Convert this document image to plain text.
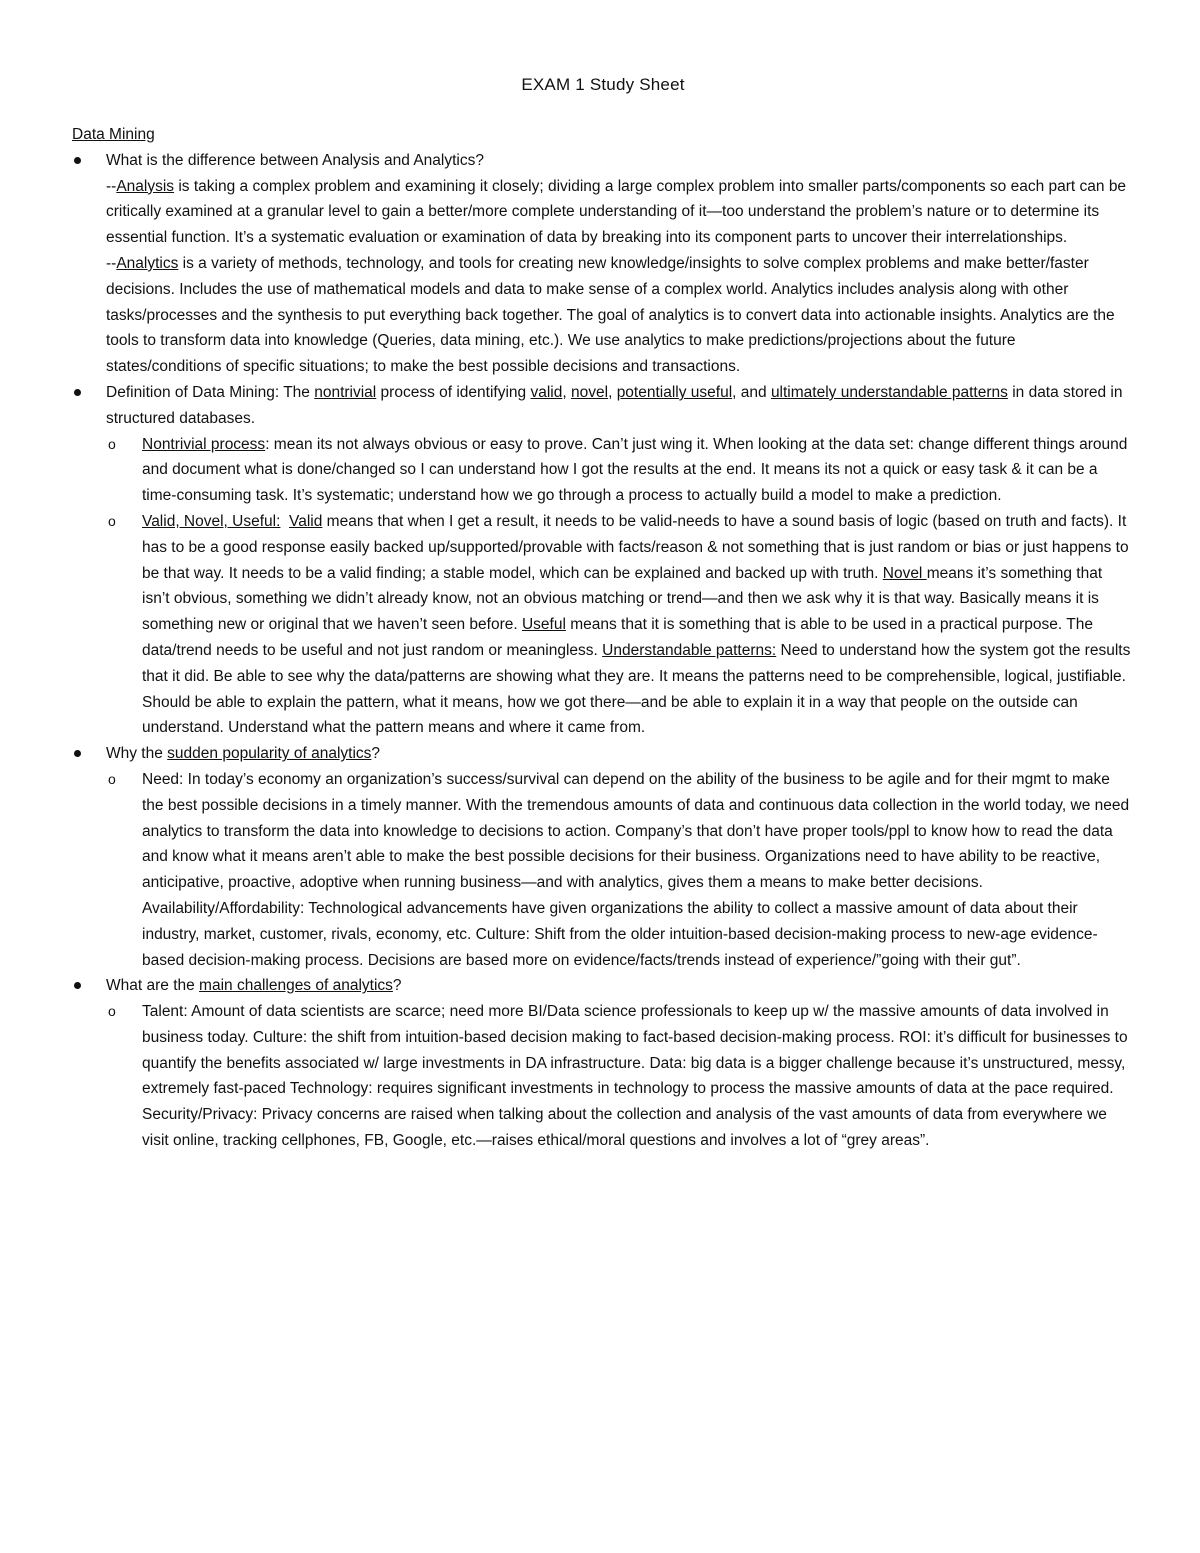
EXAM 1 Study Sheet
Data Mining

What is the difference between Analysis and Analytics?

--Analysis is taking a complex problem and examining it closely; dividing a large complex problem into smaller parts/components so each part can be critically examined at a granular level to gain a better/more complete understanding of it—too understand the problem’s nature or to determine its essential function. It’s a systematic evaluation or examination of data by breaking into its component parts to uncover their interrelationships.

--Analytics is a variety of methods, technology, and tools for creating new knowledge/insights to solve complex problems and make better/faster decisions. Includes the use of mathematical models and data to make sense of a complex world. Analytics includes analysis along with other tasks/processes and the synthesis to put everything back together. The goal of analytics is to convert data into actionable insights. Analytics are the tools to transform data into knowledge (Queries, data mining, etc.). We use analytics to make predictions/projections about the future states/conditions of specific situations; to make the best possible decisions and transactions.

Definition of Data Mining: The nontrivial process of identifying valid, novel, potentially useful, and ultimately understandable patterns in data stored in structured databases.

o Nontrivial process: mean its not always obvious or easy to prove. Can’t just wing it. When looking at the data set: change different things around and document what is done/changed so I can understand how I got the results at the end. It means its not a quick or easy task & it can be a time-consuming task. It’s systematic; understand how we go through a process to actually build a model to make a prediction.
o Valid, Novel, Useful: Valid means that when I get a result, it needs to be valid-needs to have a sound basis of logic (based on truth and facts). It has to be a good response easily backed up/supported/provable with facts/reason & not something that is just random or bias or just happens to be that way. It needs to be a valid finding; a stable model, which can be explained and backed up with truth. Novel means it’s something that isn’t obvious, something we didn’t already know, not an obvious matching or trend—and then we ask why it is that way. Basically means it is something new or original that we haven’t seen before. Useful means that it is something that is able to be used in a practical purpose. The data/trend needs to be useful and not just random or meaningless. Understandable patterns: Need to understand how the system got the results that it did. Be able to see why the data/patterns are showing what they are. It means the patterns need to be comprehensible, logical, justifiable. Should be able to explain the pattern, what it means, how we got there—and be able to explain it in a way that people on the outside can understand. Understand what the pattern means and where it came from.

Why the sudden popularity of analytics?

o Need: In today’s economy an organization’s success/survival can depend on the ability of the business to be agile and for their mgmt to make the best possible decisions in a timely manner. With the tremendous amounts of data and continuous data collection in the world today, we need analytics to transform the data into knowledge to decisions to action. Company’s that don’t have proper tools/ppl to know how to read the data and know what it means aren’t able to make the best possible decisions for their business. Organizations need to have ability to be reactive, anticipative, proactive, adoptive when running business—and with analytics, gives them a means to make better decisions. Availability/Affordability: Technological advancements have given organizations the ability to collect a massive amount of data about their industry, market, customer, rivals, economy, etc. Culture: Shift from the older intuition-based decision-making process to new-age evidence-based decision-making process. Decisions are based more on evidence/facts/trends instead of experience/”going with their gut”.

What are the main challenges of analytics?

o Talent: Amount of data scientists are scarce; need more BI/Data science professionals to keep up w/ the massive amounts of data involved in business today. Culture: the shift from intuition-based decision making to fact-based decision-making process. ROI: it’s difficult for businesses to quantify the benefits associated w/ large investments in DA infrastructure. Data: big data is a bigger challenge because it’s unstructured, messy, extremely fast-paced Technology: requires significant investments in technology to process the massive amounts of data at the pace required. Security/Privacy: Privacy concerns are raised when talking about the collection and analysis of the vast amounts of data from everywhere we visit online, tracking cellphones, FB, Google, etc.—raises ethical/moral questions and involves a lot of “grey areas”.
